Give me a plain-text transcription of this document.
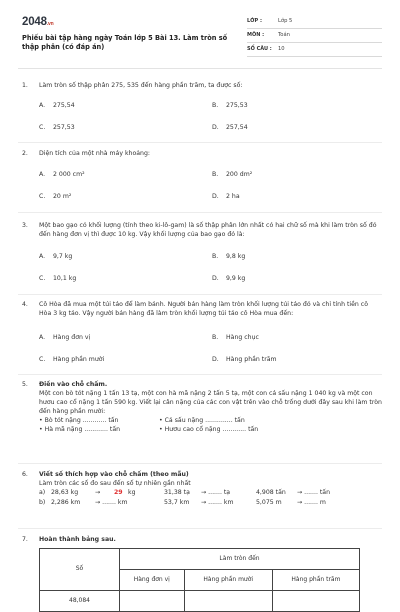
2048.vn
Phiếu bài tập hàng ngày Toán lớp 5 Bài 13. Làm tròn số thập phân (có đáp án)
LỚP :	Lớp 5
MÔN :	Toán
SỐ CÂU :	10
1.	Làm tròn số thập phân 275, 535 đến hàng phần trăm, ta được số:
A. 275,54	B. 275,53
C. 257,53	D. 257,54
2.	Diện tích của một nhà máy khoảng:
A. 2 000 cm²	B. 200 dm²
C. 20 m²	D. 2 ha
3.	Một bao gạo có khối lượng (tính theo ki-lô-gam) là số thập phân lớn nhất có hai chữ số mà khi làm tròn số đó đến hàng đơn vị thì được 10 kg. Vậy khối lượng của bao gạo đó là:
A. 9,7 kg	B. 9,8 kg
C. 10,1 kg	D. 9,9 kg
4.	Cô Hòa đã mua một túi táo để làm bánh. Người bán hàng làm tròn khối lượng túi táo đó và chỉ tính tiền cô Hòa 3 kg táo. Vậy người bán hàng đã làm tròn khối lượng túi táo cô Hòa mua đến:
A. Hàng đơn vị	B. Hàng chục
C. Hàng phần mười	D. Hàng phần trăm
5.	Điền vào chỗ chấm.
Một con bò tót nặng 1 tấn 13 tạ, một con hà mã nặng 2 tấn 5 tạ, một con cá sấu nặng 1 040 kg và một con hươu cao cổ nặng 1 tấn 590 kg. Viết lại cân nặng của các con vật trên vào chỗ trống dưới đây sau khi làm tròn đến hàng phần mười:
• Bò tót nặng ............ tấn	• Cá sấu nặng .............. tấn
• Hà mã nặng ............ tấn	• Hươu cao cổ nặng ............ tấn
6.	Viết số thích hợp vào chỗ chấm (theo mẫu)
Làm tròn các số đo sau đến số tự nhiên gần nhất
a) 28,63 kg	→ 29 kg	31,38 tạ → ....... tạ	4,908 tấn → ....... tấn
b) 2,286 km → ....... km	53,7 km → ....... km	5,075 m → ....... m
7.	Hoàn thành bảng sau.
Số	Làm tròn đến		
	Hàng đơn vị	Hàng phần mười	Hàng phần trăm
48,084			
